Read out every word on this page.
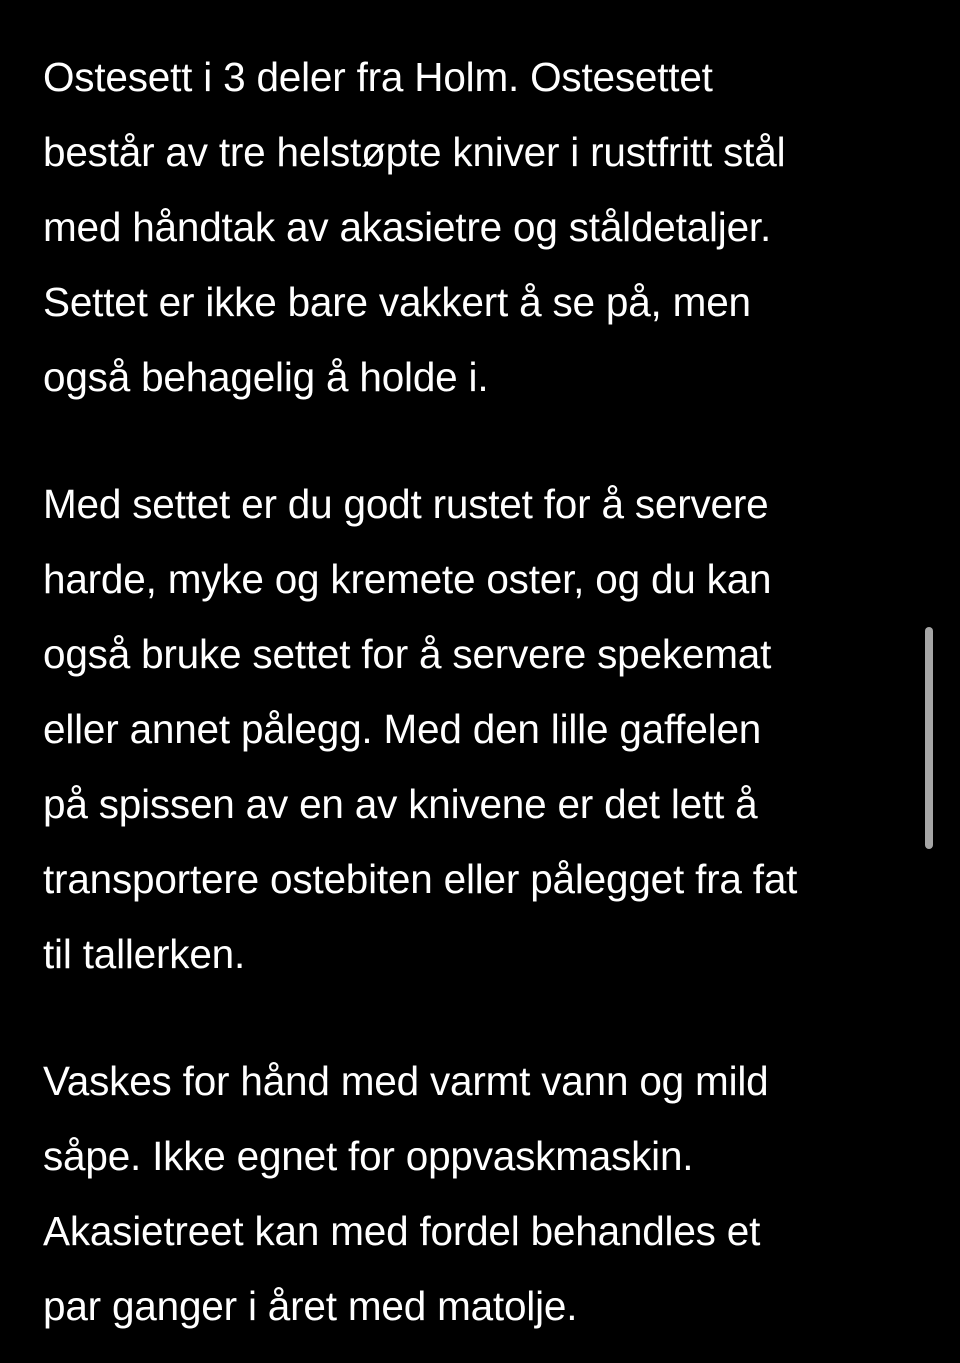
Ostesett i 3 deler fra Holm. Ostesettet
består av tre helstøpte kniver i rustfritt stål
med håndtak av akasietre og ståldetaljer.
Settet er ikke bare vakkert å se på, men
også behagelig å holde i.

Med settet er du godt rustet for å servere
harde, myke og kremete oster, og du kan
også bruke settet for å servere spekemat
eller annet pålegg. Med den lille gaffelen
på spissen av en av knivene er det lett å
transportere ostebiten eller pålegget fra fat
til tallerken.

Vaskes for hånd med varmt vann og mild
såpe. Ikke egnet for oppvaskmaskin.
Akasietreet kan med fordel behandles et
par ganger i året med matolje.
